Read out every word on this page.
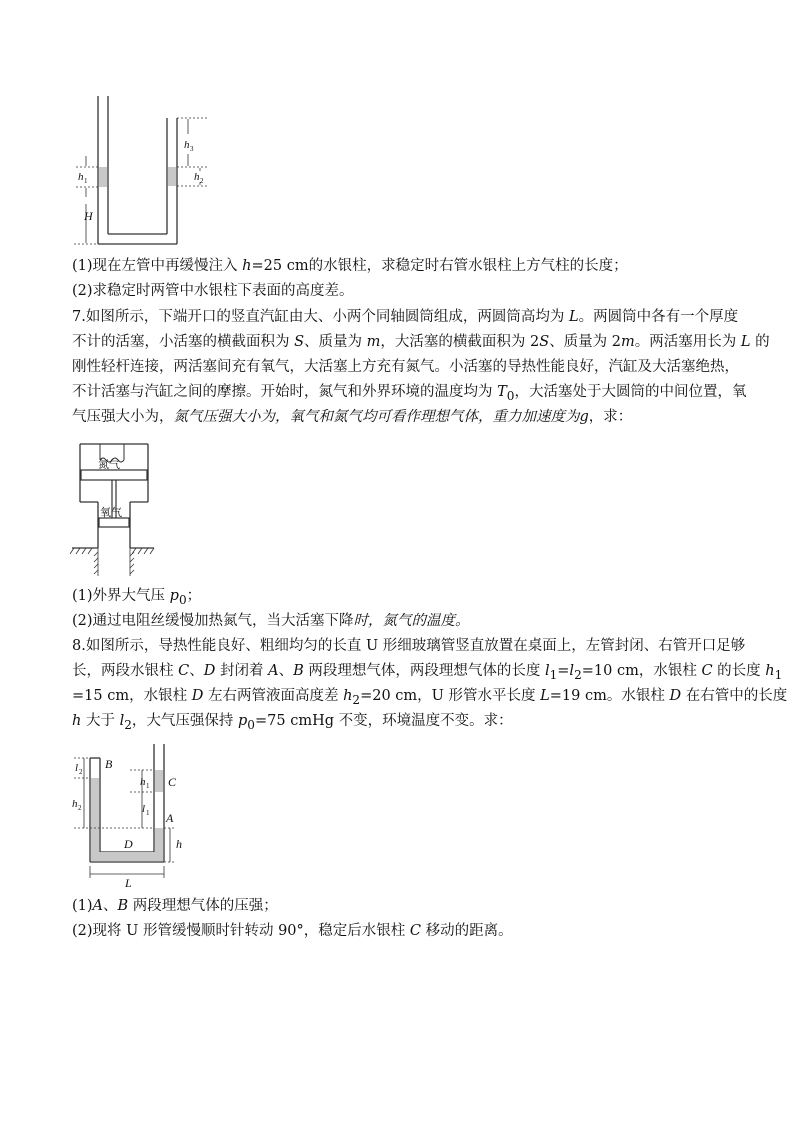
h 1
H
h 3
h 2
(1)现在左管中再缓慢注入 h=25 cm的水银柱，求稳定时右管水银柱上方气柱的长度；
(2)求稳定时两管中水银柱下表面的高度差。
7.如图所示，下端开口的竖直汽缸由大、小两个同轴圆筒组成，两圆筒高均为 L。两圆筒中各有一个厚度
不计的活塞，小活塞的横截面积为 S、质量为 m，大活塞的横截面积为 2S、质量为 2m。两活塞用长为 L 的
刚性轻杆连接，两活塞间充有氧气，大活塞上方充有氮气。小活塞的导热性能良好，汽缸及大活塞绝热，
不计活塞与汽缸之间的摩擦。开始时，氮气和外界环境的温度均为 $T_0$，大活塞处于大圆筒的中间位置，氧
气压强大小为，氮气压强大小为，氧气和氮气均可看作理想气体，重力加速度为g，求：
氮气
氧气
(1)外界大气压 $p_0$；
(2)通过电阻丝缓慢加热氮气，当大活塞下降时，氮气的温度。
8.如图所示，导热性能良好、粗细均匀的长直 U 形细玻璃管竖直放置在桌面上，左管封闭、右管开口足够
长，两段水银柱 C、D 封闭着 A、B 两段理想气体，两段理想气体的长度 $l_1=l_2=10$ cm，水银柱 C 的长度 $h_1$
=15 cm，水银柱 D 左右两管液面高度差 $h_2=20$ cm，U 形管水平长度 L=19 cm。水银柱 D 在右管中的长度
h 大于 $l_2$，大气压强保持 $p_0=75$ cmHg 不变，环境温度不变。求：
B
C
A
D
L
h
l 2
h 2
h 1
l 1
(1)A、B 两段理想气体的压强；
(2)现将 U 形管缓慢顺时针转动 90°，稳定后水银柱 C 移动的距离。
